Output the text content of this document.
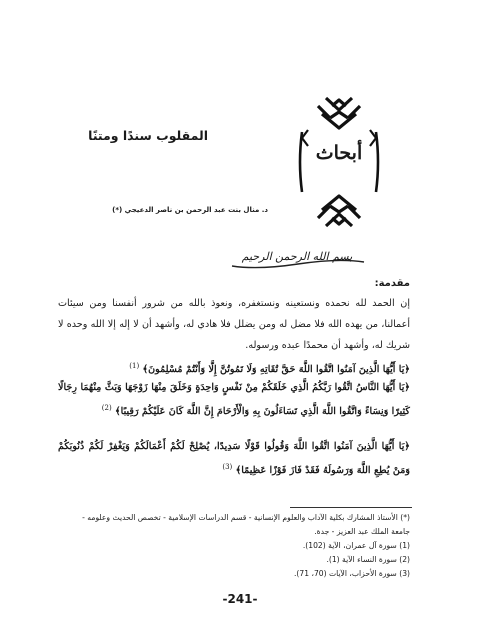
أبحاث
المقلوب سندًا ومتنًا
د. منال بنت عبد الرحمن بن ناصر الدعيجي (*)
بسم الله الرحمن الرحيم
مقدمة:
إن الحمد لله نحمده ونستعينه ونستغفره، ونعوذ بالله من شرور أنفسنا ومن سيئات أعمالنا، من يهده الله فلا مضل له ومن يضلل فلا هادي له، وأشهد أن لا إله إلا الله وحده لا شريك له، وأشهد أن محمدًا عبده ورسوله.
﴿يَا أَيُّهَا الَّذِينَ آمَنُوا اتَّقُوا اللَّهَ حَقَّ تُقَاتِهِ وَلَا تَمُوتُنَّ إِلَّا وَأَنْتُمْ مُسْلِمُونَ﴾ $^{(1)}$
﴿يَا أَيُّهَا النَّاسُ اتَّقُوا رَبَّكُمُ الَّذِي خَلَقَكُمْ مِنْ نَفْسٍ وَاحِدَةٍ وَخَلَقَ مِنْهَا زَوْجَهَا وَبَثَّ مِنْهُمَا رِجَالًا كَثِيرًا وَنِسَاءً وَاتَّقُوا اللَّهَ الَّذِي تَسَاءَلُونَ بِهِ وَالْأَرْحَامَ إِنَّ اللَّهَ كَانَ عَلَيْكُمْ رَقِيبًا﴾ $^{(2)}$
﴿يَا أَيُّهَا الَّذِينَ آمَنُوا اتَّقُوا اللَّهَ وَقُولُوا قَوْلًا سَدِيدًا، يُصْلِحْ لَكُمْ أَعْمَالَكُمْ وَيَغْفِرْ لَكُمْ ذُنُوبَكُمْ وَمَنْ يُطِعِ اللَّهَ وَرَسُولَهُ فَقَدْ فَازَ فَوْزًا عَظِيمًا﴾ $^{(3)}$
(*) الأستاذ المشارك بكلية الآداب والعلوم الإنسانية - قسم الدراسات الإسلامية - تخصص الحديث وعلومه -
جامعة الملك عبد العزيز - جدة.
(1) سورة آل عمران، الآية (102).
(2) سورة النساء الآية (1).
(3) سورة الأحزاب، الآيات (70، 71).
-241-
